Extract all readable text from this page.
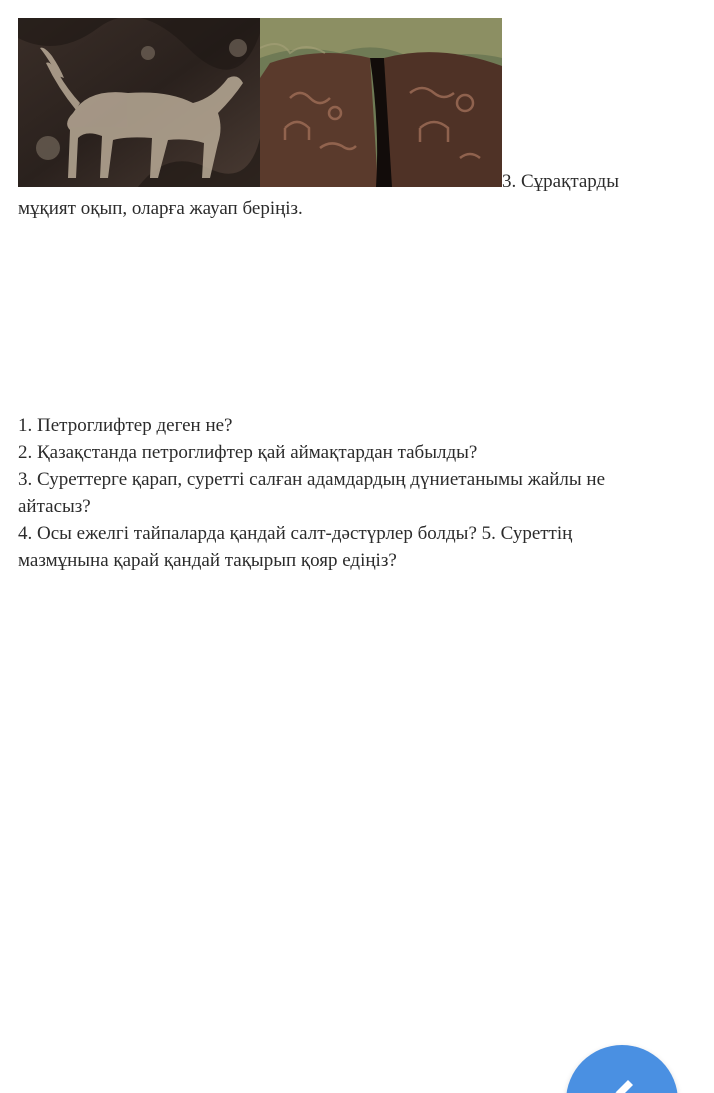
3. Сұрақтарды мұқият оқып, оларға жауап беріңіз.

1. Петроглифтер деген не?

2. Қазақстанда петроглифтер қай аймақтардан табылды?

3. Суреттерге қарап, суретті салған адамдардың дүниетанымы жайлы не айтасыз?

4. Осы ежелгі тайпаларда қандай салт-дәстүрлер болды? 5. Суреттің мазмұнына қарай қандай тақырып қояр едіңіз?
